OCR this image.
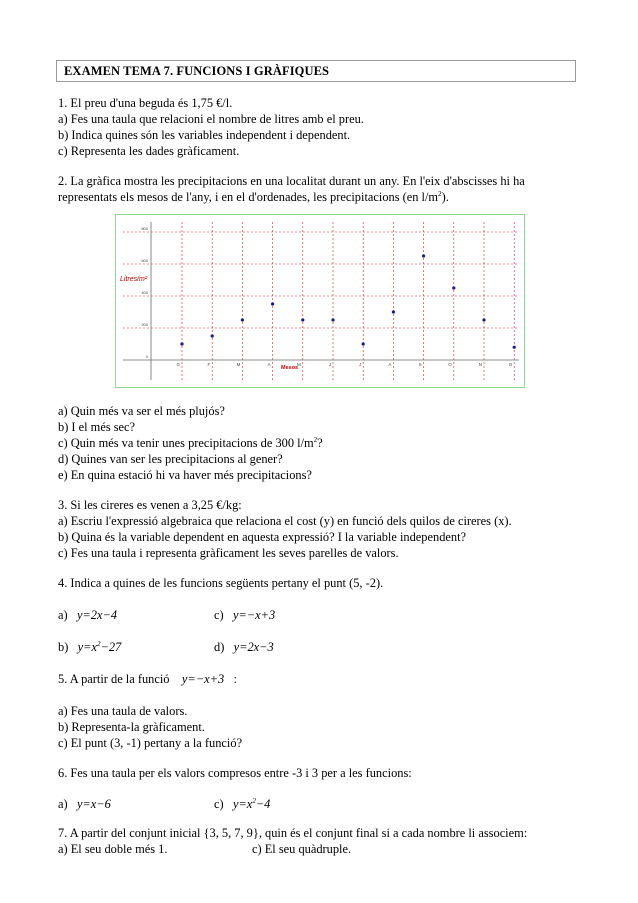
EXAMEN TEMA 7. FUNCIONS I GRÀFIQUES
1. El preu d'una beguda és 1,75 €/l.
a) Fes una taula que relacioni el nombre de litres amb el preu.
b) Indica quines són les variables independent i dependent.
c) Representa les dades gràficament.
2. La gràfica mostra les precipitacions en una localitat durant un any. En l'eix d'abscisses hi ha
representats els mesos de l'any, i en el d'ordenades, les precipitacions (en $l/m^2$).
0
200
400
600
800
G	F	M	A	M	J	J	A	S	O	N	D
Litres/m²
Mesos
a) Quin més va ser el més plujós?
b) I el més sec?
c) Quin més va tenir unes precipitacions de 300 $l/m^2$?
d) Quines van ser les precipitacions al gener?
e) En quina estació hi va haver més precipitacions?
3. Si les cireres es venen a 3,25 €/kg:
a) Escriu l'expressió algebraica que relaciona el cost (y) en funció dels quilos de cireres (x).
b) Quina és la variable dependent en aquesta expressió? I la variable independent?
c) Fes una taula i representa gràficament les seves parelles de valors.
4. Indica a quines de les funcions següents pertany el punt (5, -2).
a) y=2x−4	c) y=−x+3
b) $y=x^2-27$	d) y=2x−3
5. A partir de la funció y=−x+3 :
a) Fes una taula de valors.
b) Representa-la gràficament.
c) El punt (3, -1) pertany a la funció?
6. Fes una taula per els valors compresos entre -3 i 3 per a les funcions:
a) y=x−6	c) $y=x^2-4$
7. A partir del conjunt inicial {3, 5, 7, 9}, quin és el conjunt final si a cada nombre li associem:
a) El seu doble més 1.	c) El seu quàdruple.
